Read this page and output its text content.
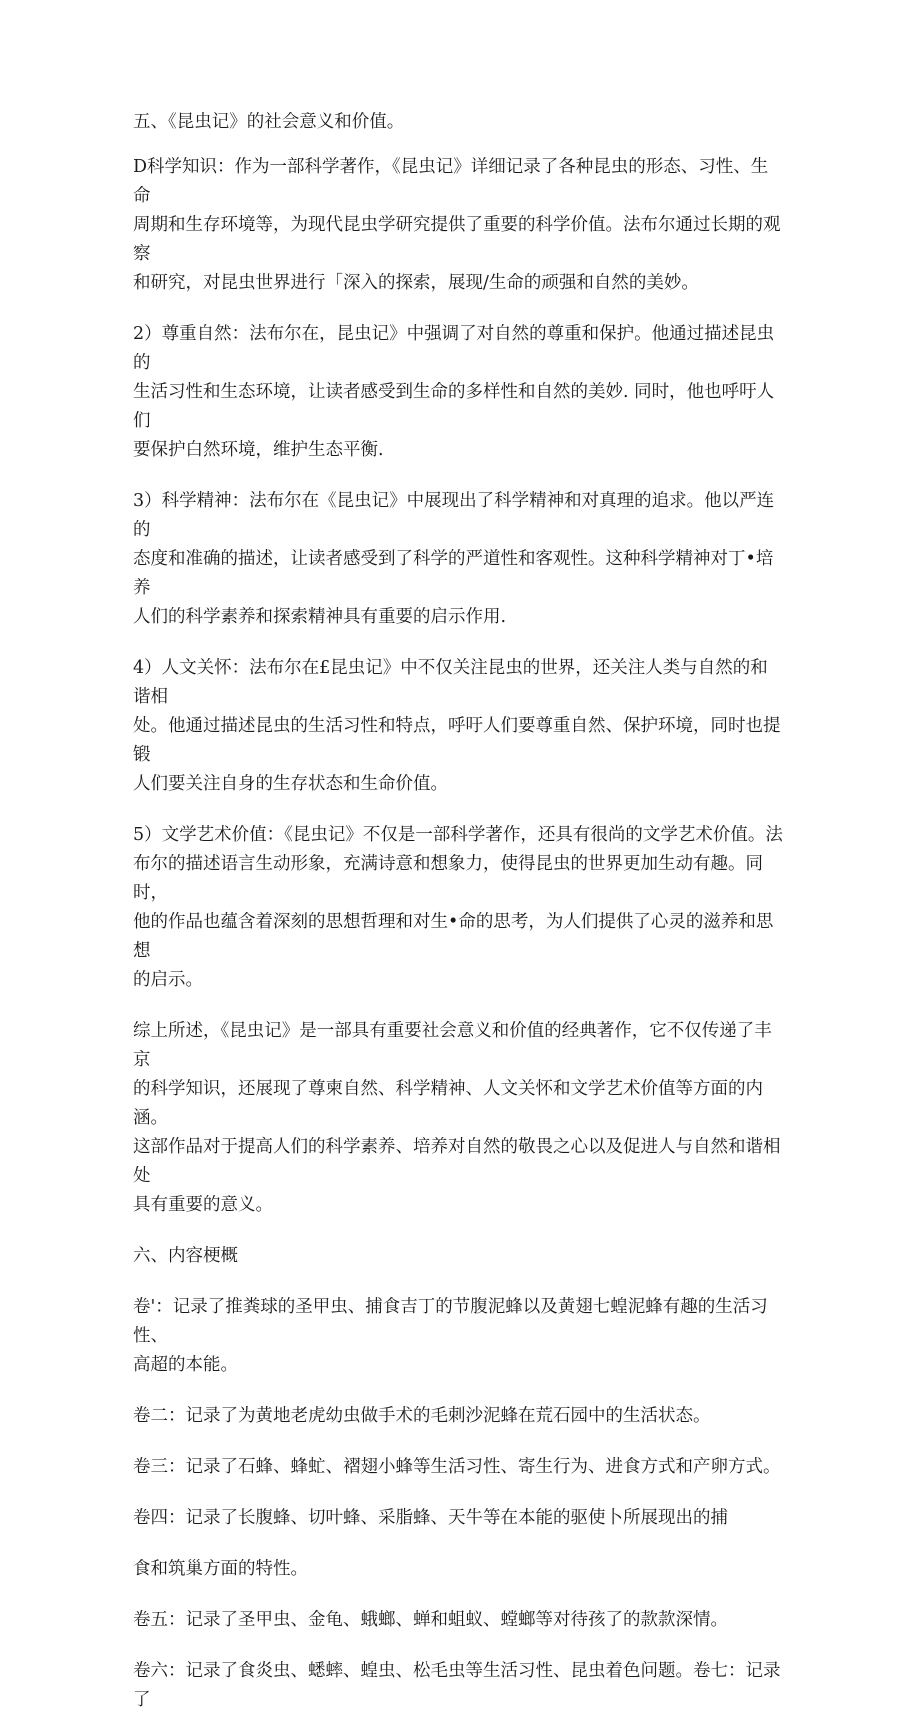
五、《昆虫记》的社会意义和价值。

D科学知识：作为一部科学著作，《昆虫记》详细记录了各种昆虫的形态、习性、生命
周期和生存环境等，为现代昆虫学研究提供了重要的科学价值。法布尔通过长期的观察
和研究，对昆虫世界进行「深入的探索，展现/生命的顽强和自然的美妙。

2）尊重自然：法布尔在，昆虫记》中强调了对自然的尊重和保护。他通过描述昆虫的
生活习性和生态环境，让读者感受到生命的多样性和自然的美妙. 同时，他也呼吁人们
要保护白然环境，维护生态平衡.

3）科学精神：法布尔在《昆虫记》中展现出了科学精神和对真理的追求。他以严连的
态度和准确的描述，让读者感受到了科学的严道性和客观性。这种科学精神对丁•培养
人们的科学素养和探索精神具有重要的启示作用.

4）人文关怀：法布尔在£昆虫记》中不仅关注昆虫的世界，还关注人类与自然的和谐相
处。他通过描述昆虫的生活习性和特点，呼吁人们要尊重自然、保护环境，同时也提锻
人们要关注自身的生存状态和生命价值。

5）文学艺术价值：《昆虫记》不仅是一部科学著作，还具有很尚的文学艺术价值。法
布尔的描述语言生动形象，充满诗意和想象力，使得昆虫的世界更加生动有趣。同时，
他的作品也蕴含着深刻的思想哲理和对生•命的思考，为人们提供了心灵的滋养和思想
的启示。

综上所述，《昆虫记》是一部具有重要社会意义和价值的经典著作，它不仅传递了丰京
的科学知识，还展现了尊柬自然、科学精神、人文关怀和文学艺术价值等方面的内涵。
这部作品对于提高人们的科学素养、培养对自然的敬畏之心以及促进人与自然和谐相处
具有重要的意义。

六、内容梗概

卷'：记录了推粪球的圣甲虫、捕食吉丁的节腹泥蜂以及黄翅七蝗泥蜂有趣的生活习性、
高超的本能。

卷二：记录了为黄地老虎幼虫做手术的毛刺沙泥蜂在荒石园中的生活状态。

卷三：记录了石蜂、蜂虻、褶翅小蜂等生活习性、寄生行为、进食方式和产卵方式。

卷四：记录了长腹蜂、切叶蜂、采脂蜂、天牛等在本能的驱使卜所展现出的捕

食和筑巢方面的特性。

卷五：记录了圣甲虫、金龟、蛾螂、蝉和蛆蚁、螳螂等对待孩了的款款深情。

卷六：记录了食炎虫、蟋蟀、蝗虫、松毛虫等生活习性、昆虫着色问题。卷七：记录了
